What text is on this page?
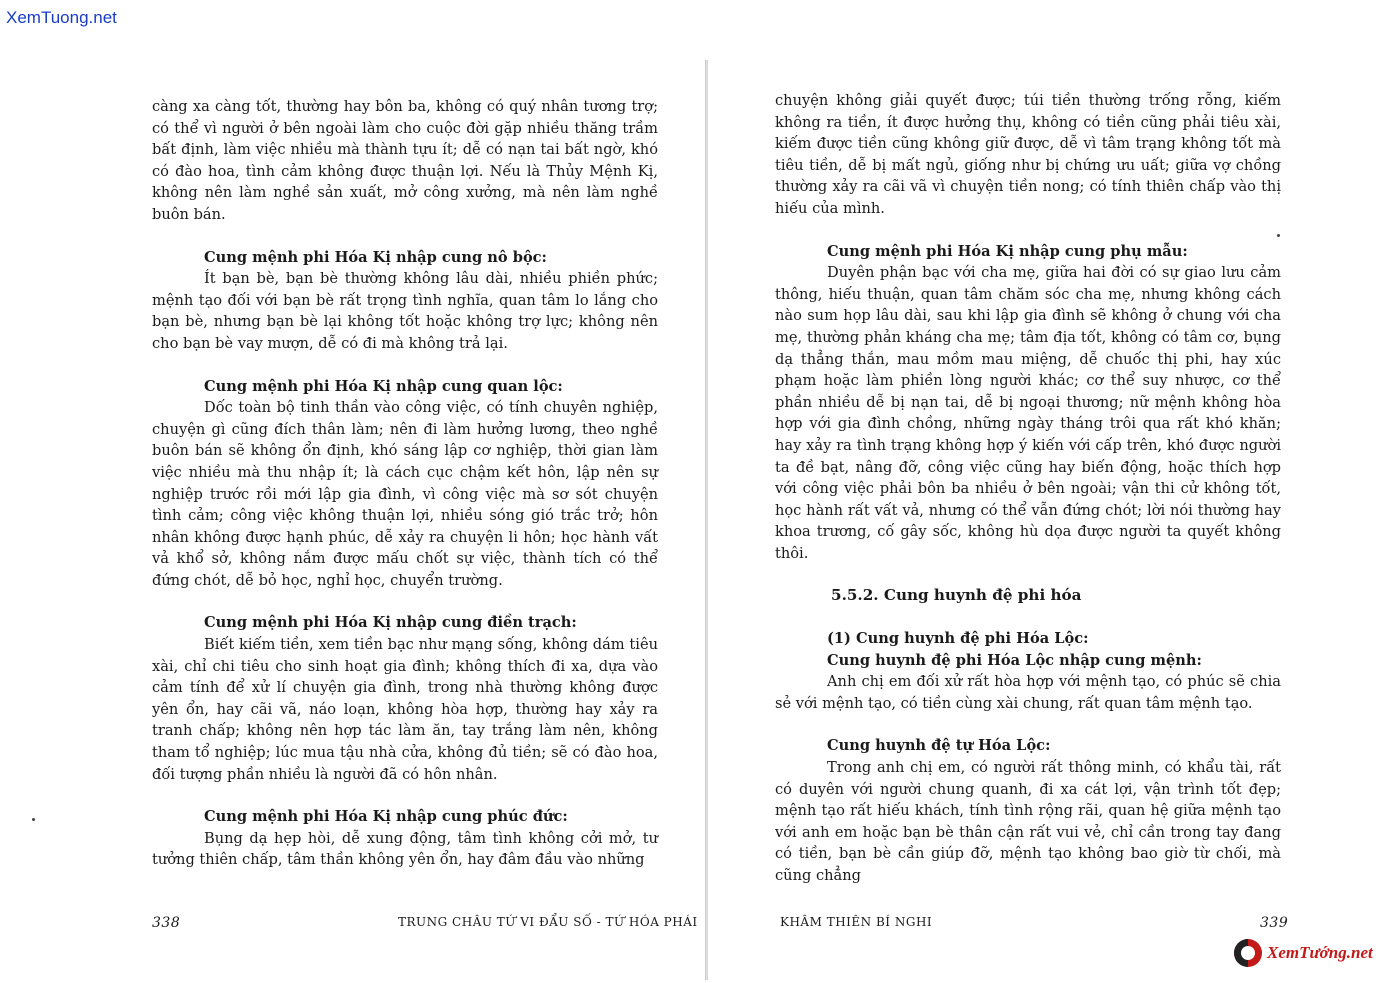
XemTuong.net

càng xa càng tốt, thường hay bôn ba, không có quý nhân tương trợ; có thể vì người ở bên ngoài làm cho cuộc đời gặp nhiều thăng trầm bất định, làm việc nhiều mà thành tựu ít; dễ có nạn tai bất ngờ, khó có đào hoa, tình cảm không được thuận lợi. Nếu là Thủy Mệnh Kị, không nên làm nghề sản xuất, mở công xưởng, mà nên làm nghề buôn bán.

Cung mệnh phi Hóa Kị nhập cung nô bộc:

Ít bạn bè, bạn bè thường không lâu dài, nhiều phiền phức; mệnh tạo đối với bạn bè rất trọng tình nghĩa, quan tâm lo lắng cho bạn bè, nhưng bạn bè lại không tốt hoặc không trợ lực; không nên cho bạn bè vay mượn, dễ có đi mà không trả lại.

Cung mệnh phi Hóa Kị nhập cung quan lộc:

Dốc toàn bộ tinh thần vào công việc, có tính chuyên nghiệp, chuyện gì cũng đích thân làm; nên đi làm hưởng lương, theo nghề buôn bán sẽ không ổn định, khó sáng lập cơ nghiệp, thời gian làm việc nhiều mà thu nhập ít; là cách cục chậm kết hôn, lập nên sự nghiệp trước rồi mới lập gia đình, vì công việc mà sơ sót chuyện tình cảm; công việc không thuận lợi, nhiều sóng gió trắc trở; hôn nhân không được hạnh phúc, dễ xảy ra chuyện li hôn; học hành vất vả khổ sở, không nắm được mấu chốt sự việc, thành tích có thể đứng chót, dễ bỏ học, nghỉ học, chuyển trường.

Cung mệnh phi Hóa Kị nhập cung điền trạch:

Biết kiếm tiền, xem tiền bạc như mạng sống, không dám tiêu xài, chỉ chi tiêu cho sinh hoạt gia đình; không thích đi xa, dựa vào cảm tính để xử lí chuyện gia đình, trong nhà thường không được yên ổn, hay cãi vã, náo loạn, không hòa hợp, thường hay xảy ra tranh chấp; không nên hợp tác làm ăn, tay trắng làm nên, không tham tổ nghiệp; lúc mua tậu nhà cửa, không đủ tiền; sẽ có đào hoa, đối tượng phần nhiều là người đã có hôn nhân.

Cung mệnh phi Hóa Kị nhập cung phúc đức:

Bụng dạ hẹp hòi, dễ xung động, tâm tình không cởi mở, tư tưởng thiên chấp, tâm thần không yên ổn, hay đâm đầu vào những

338	TRUNG CHÂU TỨ VI ĐẨU SỐ - TỨ HÓA PHÁI

chuyện không giải quyết được; túi tiền thường trống rỗng, kiếm không ra tiền, ít được hưởng thụ, không có tiền cũng phải tiêu xài, kiếm được tiền cũng không giữ được, dễ vì tâm trạng không tốt mà tiêu tiền, dễ bị mất ngủ, giống như bị chứng ưu uất; giữa vợ chồng thường xảy ra cãi vã vì chuyện tiền nong; có tính thiên chấp vào thị hiếu của mình.

Cung mệnh phi Hóa Kị nhập cung phụ mẫu:

Duyên phận bạc với cha mẹ, giữa hai đời có sự giao lưu cảm thông, hiếu thuận, quan tâm chăm sóc cha mẹ, nhưng không cách nào sum họp lâu dài, sau khi lập gia đình sẽ không ở chung với cha mẹ, thường phản kháng cha mẹ; tâm địa tốt, không có tâm cơ, bụng dạ thẳng thắn, mau mồm mau miệng, dễ chuốc thị phi, hay xúc phạm hoặc làm phiền lòng người khác; cơ thể suy nhược, cơ thể phần nhiều dễ bị nạn tai, dễ bị ngoại thương; nữ mệnh không hòa hợp với gia đình chồng, những ngày tháng trôi qua rất khó khăn; hay xảy ra tình trạng không hợp ý kiến với cấp trên, khó được người ta đề bạt, nâng đỡ, công việc cũng hay biến động, hoặc thích hợp với công việc phải bôn ba nhiều ở bên ngoài; vận thi cử không tốt, học hành rất vất vả, nhưng có thể vẫn đứng chót; lời nói thường hay khoa trương, cố gây sốc, không hù dọa được người ta quyết không thôi.

5.5.2. Cung huynh đệ phi hóa

(1) Cung huynh đệ phi Hóa Lộc:

Cung huynh đệ phi Hóa Lộc nhập cung mệnh:

Anh chị em đối xử rất hòa hợp với mệnh tạo, có phúc sẽ chia sẻ với mệnh tạo, có tiền cùng xài chung, rất quan tâm mệnh tạo.

Cung huynh đệ tự Hóa Lộc:

Trong anh chị em, có người rất thông minh, có khẩu tài, rất có duyên với người chung quanh, đi xa cát lợi, vận trình tốt đẹp; mệnh tạo rất hiếu khách, tính tình rộng rãi, quan hệ giữa mệnh tạo với anh em hoặc bạn bè thân cận rất vui vẻ, chỉ cần trong tay đang có tiền, bạn bè cần giúp đỡ, mệnh tạo không bao giờ từ chối, mà cũng chẳng

KHÂM THIÊN BÍ NGHI	339
XemTướng.net
